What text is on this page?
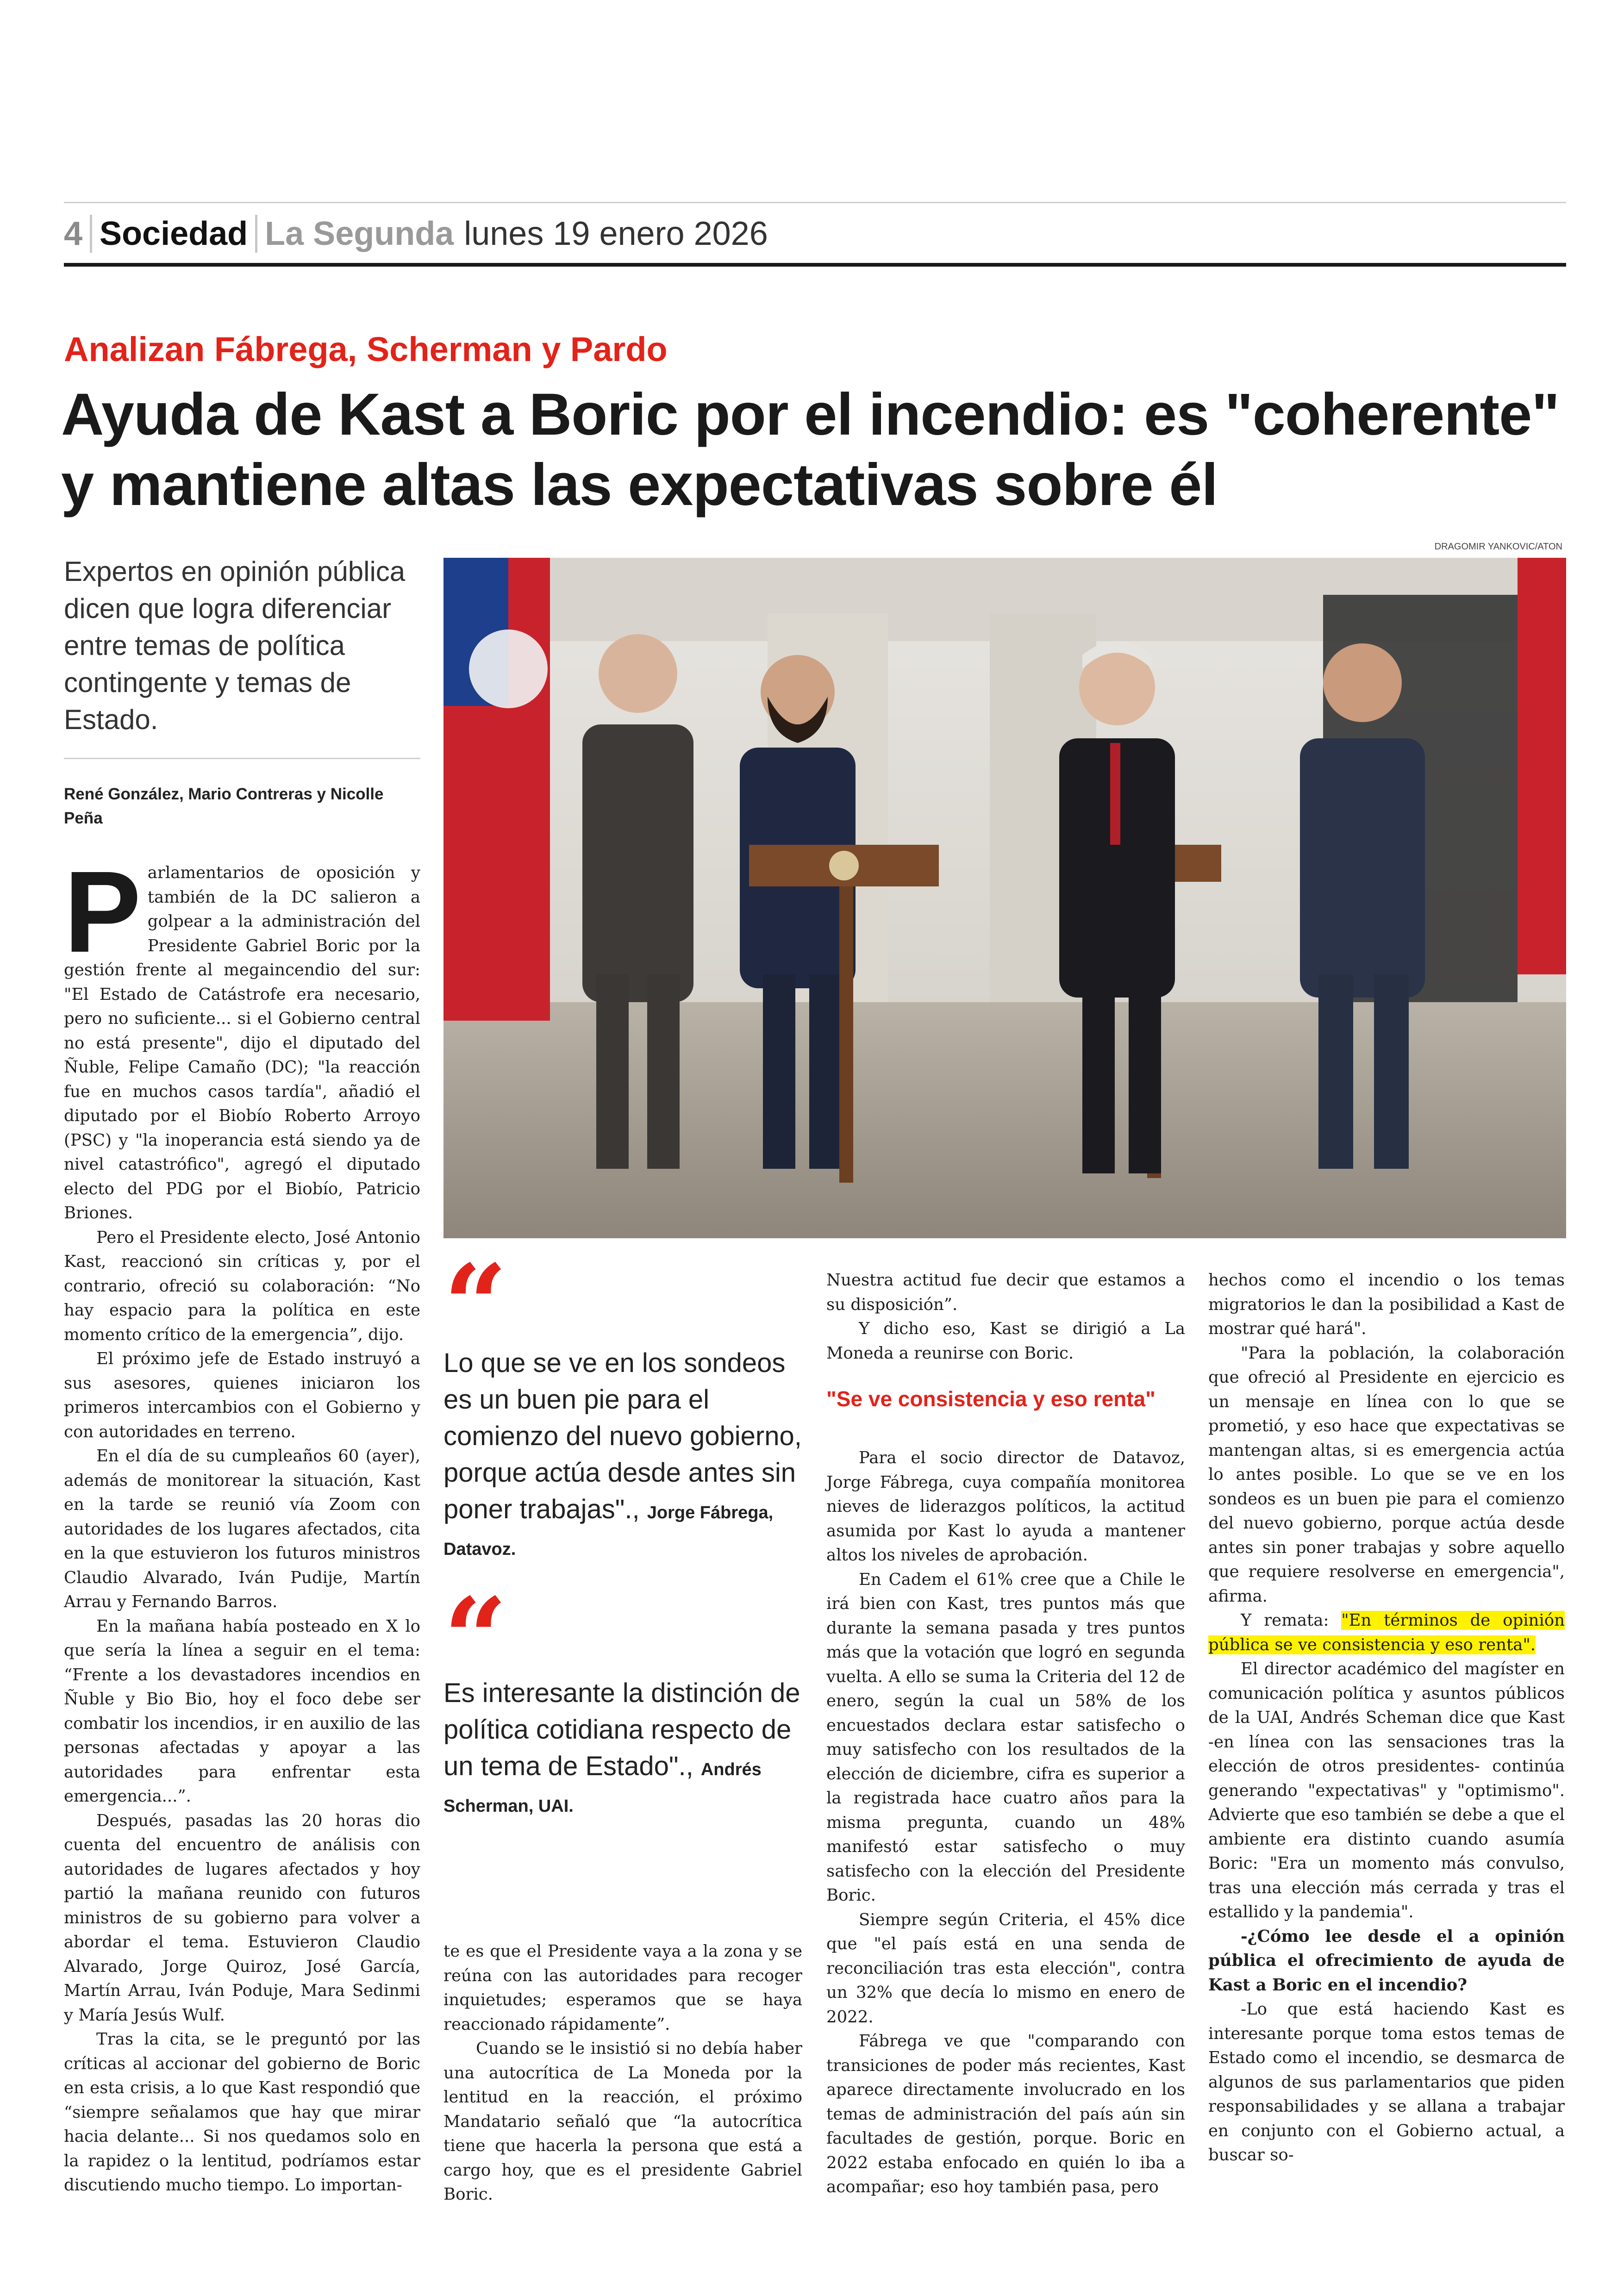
4 Sociedad La Segunda lunes 19 enero 2026
Analizan Fábrega, Scherman y Pardo
Ayuda de Kast a Boric por el incendio: es "coherente" y mantiene altas las expectativas sobre él
DRAGOMIR YANKOVIC/ATON
Expertos en opinión pública dicen que logra diferenciar entre temas de política contingente y temas de Estado.
René González, Mario Contreras y Nicolle Peña
P arlamentarios de oposición y también de la DC salieron a golpear a la administración del Presidente Gabriel Boric por la gestión frente al megaincendio del sur: "El Estado de Catástrofe era necesario, pero no suficiente... si el Gobierno central no está presente", dijo el diputado del Ñuble, Felipe Camaño (DC); "la reacción fue en muchos casos tardía", añadió el diputado por el Biobío Roberto Arroyo (PSC) y "la inoperancia está siendo ya de nivel catastrófico", agregó el diputado electo del PDG por el Biobío, Patricio Briones.

Pero el Presidente electo, José Antonio Kast, reaccionó sin críticas y, por el contrario, ofreció su colaboración: “No hay espacio para la política en este momento crítico de la emergencia”, dijo.

El próximo jefe de Estado instruyó a sus asesores, quienes iniciaron los primeros intercambios con el Gobierno y con autoridades en terreno.

En el día de su cumpleaños 60 (ayer), además de monitorear la situación, Kast en la tarde se reunió vía Zoom con autoridades de los lugares afectados, cita en la que estuvieron los futuros ministros Claudio Alvarado, Iván Pudije, Martín Arrau y Fernando Barros.

En la mañana había posteado en X lo que sería la línea a seguir en el tema: “Frente a los devastadores incendios en Ñuble y Bio Bio, hoy el foco debe ser combatir los incendios, ir en auxilio de las personas afectadas y apoyar a las autoridades para enfrentar esta emergencia...”.

Después, pasadas las 20 horas dio cuenta del encuentro de análisis con autoridades de lugares afectados y hoy partió la mañana reunido con futuros ministros de su gobierno para volver a abordar el tema. Estuvieron Claudio Alvarado, Jorge Quiroz, José García, Martín Arrau, Iván Poduje, Mara Sedinmi y María Jesús Wulf.

Tras la cita, se le preguntó por las críticas al accionar del gobierno de Boric en esta crisis, a lo que Kast respondió que “siempre señalamos que hay que mirar hacia delante... Si nos quedamos solo en la rapidez o la lentitud, podríamos estar discutiendo mucho tiempo. Lo importan-

“
Lo que se ve en los sondeos es un buen pie para el comienzo del nuevo gobierno, porque actúa desde antes sin poner trabajas"., Jorge Fábrega, Datavoz.
“
Es interesante la distinción de política cotidiana respecto de un tema de Estado"., Andrés Scherman, UAI.

te es que el Presidente vaya a la zona y se reúna con las autoridades para recoger inquietudes; esperamos que se haya reaccionado rápidamente”.

Cuando se le insistió si no debía haber una autocrítica de La Moneda por la lentitud en la reacción, el próximo Mandatario señaló que “la autocrítica tiene que hacerla la persona que está a cargo hoy, que es el presidente Gabriel Boric.

Nuestra actitud fue decir que estamos a su disposición”.

Y dicho eso, Kast se dirigió a La Moneda a reunirse con Boric.

"Se ve consistencia y eso renta"

Para el socio director de Datavoz, Jorge Fábrega, cuya compañía monitorea nieves de liderazgos políticos, la actitud asumida por Kast lo ayuda a mantener altos los niveles de aprobación.

En Cadem el 61% cree que a Chile le irá bien con Kast, tres puntos más que durante la semana pasada y tres puntos más que la votación que logró en segunda vuelta. A ello se suma la Criteria del 12 de enero, según la cual un 58% de los encuestados declara estar satisfecho o muy satisfecho con los resultados de la elección de diciembre, cifra es superior a la registrada hace cuatro años para la misma pregunta, cuando un 48% manifestó estar satisfecho o muy satisfecho con la elección del Presidente Boric.

Siempre según Criteria, el 45% dice que "el país está en una senda de reconciliación tras esta elección", contra un 32% que decía lo mismo en enero de 2022.

Fábrega ve que "comparando con transiciones de poder más recientes, Kast aparece directamente involucrado en los temas de administración del país aún sin facultades de gestión, porque. Boric en 2022 estaba enfocado en quién lo iba a acompañar; eso hoy también pasa, pero

hechos como el incendio o los temas migratorios le dan la posibilidad a Kast de mostrar qué hará".

"Para la población, la colaboración que ofreció al Presidente en ejercicio es un mensaje en línea con lo que se prometió, y eso hace que expectativas se mantengan altas, si es emergencia actúa lo antes posible. Lo que se ve en los sondeos es un buen pie para el comienzo del nuevo gobierno, porque actúa desde antes sin poner trabajas y sobre aquello que requiere resolverse en emergencia", afirma.

Y remata: "En términos de opinión pública se ve consistencia y eso renta".

El director académico del magíster en comunicación política y asuntos públicos de la UAI, Andrés Scheman dice que Kast -en línea con las sensaciones tras la elección de otros presidentes- continúa generando "expectativas" y "optimismo". Advierte que eso también se debe a que el ambiente era distinto cuando asumía Boric: "Era un momento más convulso, tras una elección más cerrada y tras el estallido y la pandemia".

-¿Cómo lee desde el a opinión pública el ofrecimiento de ayuda de Kast a Boric en el incendio?

-Lo que está haciendo Kast es interesante porque toma estos temas de Estado como el incendio, se desmarca de algunos de sus parlamentarios que piden responsabilidades y se allana a trabajar en conjunto con el Gobierno actual, a buscar so-
